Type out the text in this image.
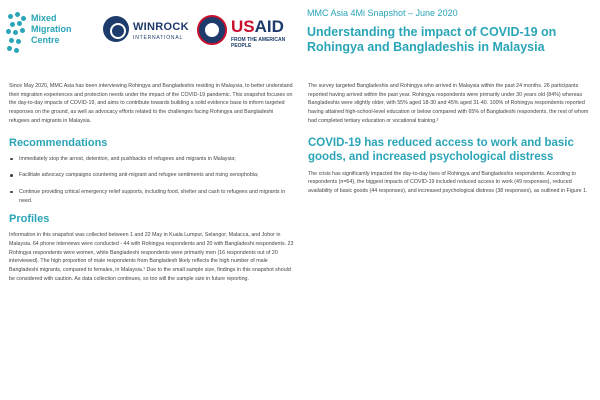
Mixed
Migration
Centre
WINROCK
INTERNATIONAL
USAID
FROM THE AMERICAN PEOPLE
MMC Asia 4Mi Snapshot – June 2020
Understanding the impact of COVID-19 on Rohingya and Bangladeshis in Malaysia

Since May 2020, MMC Asia has been interviewing Rohingya and Bangladeshis residing in Malaysia, to better understand their migration experiences and protection needs under the impact of the COVID-19 pandemic. This snapshot focuses on the day-to-day impacts of COVID-19, and aims to contribute towards building a solid evidence base to inform targeted responses on the ground, as well as advocacy efforts related to the challenges facing Rohingya and Bangladeshi refugees and migrants in Malaysia.

Recommendations
Immediately stop the arrest, detention, and pushbacks of refugees and migrants in Malaysia;
Facilitate advocacy campaigns countering anti-migrant and refugee sentiments and rising xenophobia;
Continue providing critical emergency relief supports, including food, shelter and cash to refugees and migrants in need.
Profiles

Information in this snapshot was collected between 1 and 22 May in Kuala Lumpur, Selangor, Malacca, and Johor in Malaysia. 64 phone interviews were conducted - 44 with Rohingya respondents and 20 with Bangladeshi respondents. 23 Rohingya respondents were women, while Bangladeshi respondents were primarily men (16 respondents out of 20 interviewed). The high proportion of male respondents from Bangladesh likely reflects the high number of male Bangladeshi migrants, compared to females, in Malaysia.¹ Due to the small sample size, findings in this snapshot should be considered with caution. As data collection continues, so too will the sample size in future reporting.

The survey targeted Bangladeshis and Rohingya who arrived in Malaysia within the past 24 months. 26 participants reported having arrived within the past year. Rohingya respondents were primarily under 30 years old (84%) whereas Bangladeshis were slightly older, with 55% aged 18-30 and 45% aged 31-40. 100% of Rohingya respondents reported having attained high-school-level education or below compared with 65% of Bangladeshi respondents, the rest of whom had completed tertiary education or vocational training.²

COVID-19 has reduced access to work and basic goods, and increased psychological distress

The crisis has significantly impacted the day-to-day lives of Rohingya and Bangladeshis respondents. According to respondents (n=64), the biggest impacts of COVID-19 included reduced access to work (49 responses), reduced availability of basic goods (44 responses), and increased psychological distress (38 responses), as outlined in Figure 1.
